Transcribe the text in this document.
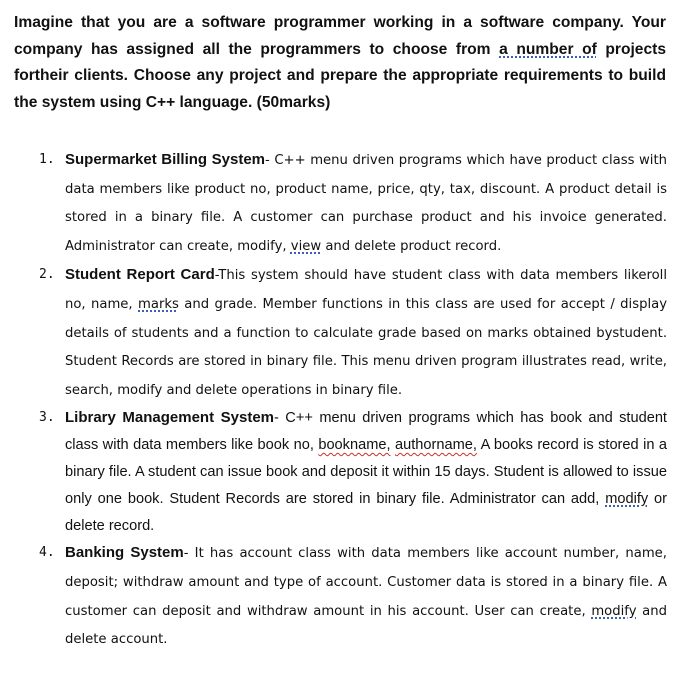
Imagine that you are a software programmer working in a software company. Your company has assigned all the programmers to choose from a number of projects fortheir clients. Choose any project and prepare the appropriate requirements to build the system using C++ language. (50marks)

1. Supermarket Billing System- C++ menu driven programs which have product class with data members like product no, product name, price, qty, tax, discount. A product detail is stored in a binary file. A customer can purchase product and his invoice generated. Administrator can create, modify, view and delete product record.
2. Student Report Card-This system should have student class with data members likeroll no, name, marks and grade. Member functions in this class are used for accept / display details of students and a function to calculate grade based on marks obtained bystudent. Student Records are stored in binary file. This menu driven program illustrates read, write, search, modify and delete operations in binary file.
3. Library Management System- C++ menu driven programs which has book and student class with data members like book no, bookname, authorname, A books record is stored in a binary file. A student can issue book and deposit it within 15 days. Student is allowed to issue only one book. Student Records are stored in binary file. Administrator can add, modify or delete record.
4. Banking System- It has account class with data members like account number, name, deposit; withdraw amount and type of account. Customer data is stored in a binary file. A customer can deposit and withdraw amount in his account. User can create, modify and delete account.
